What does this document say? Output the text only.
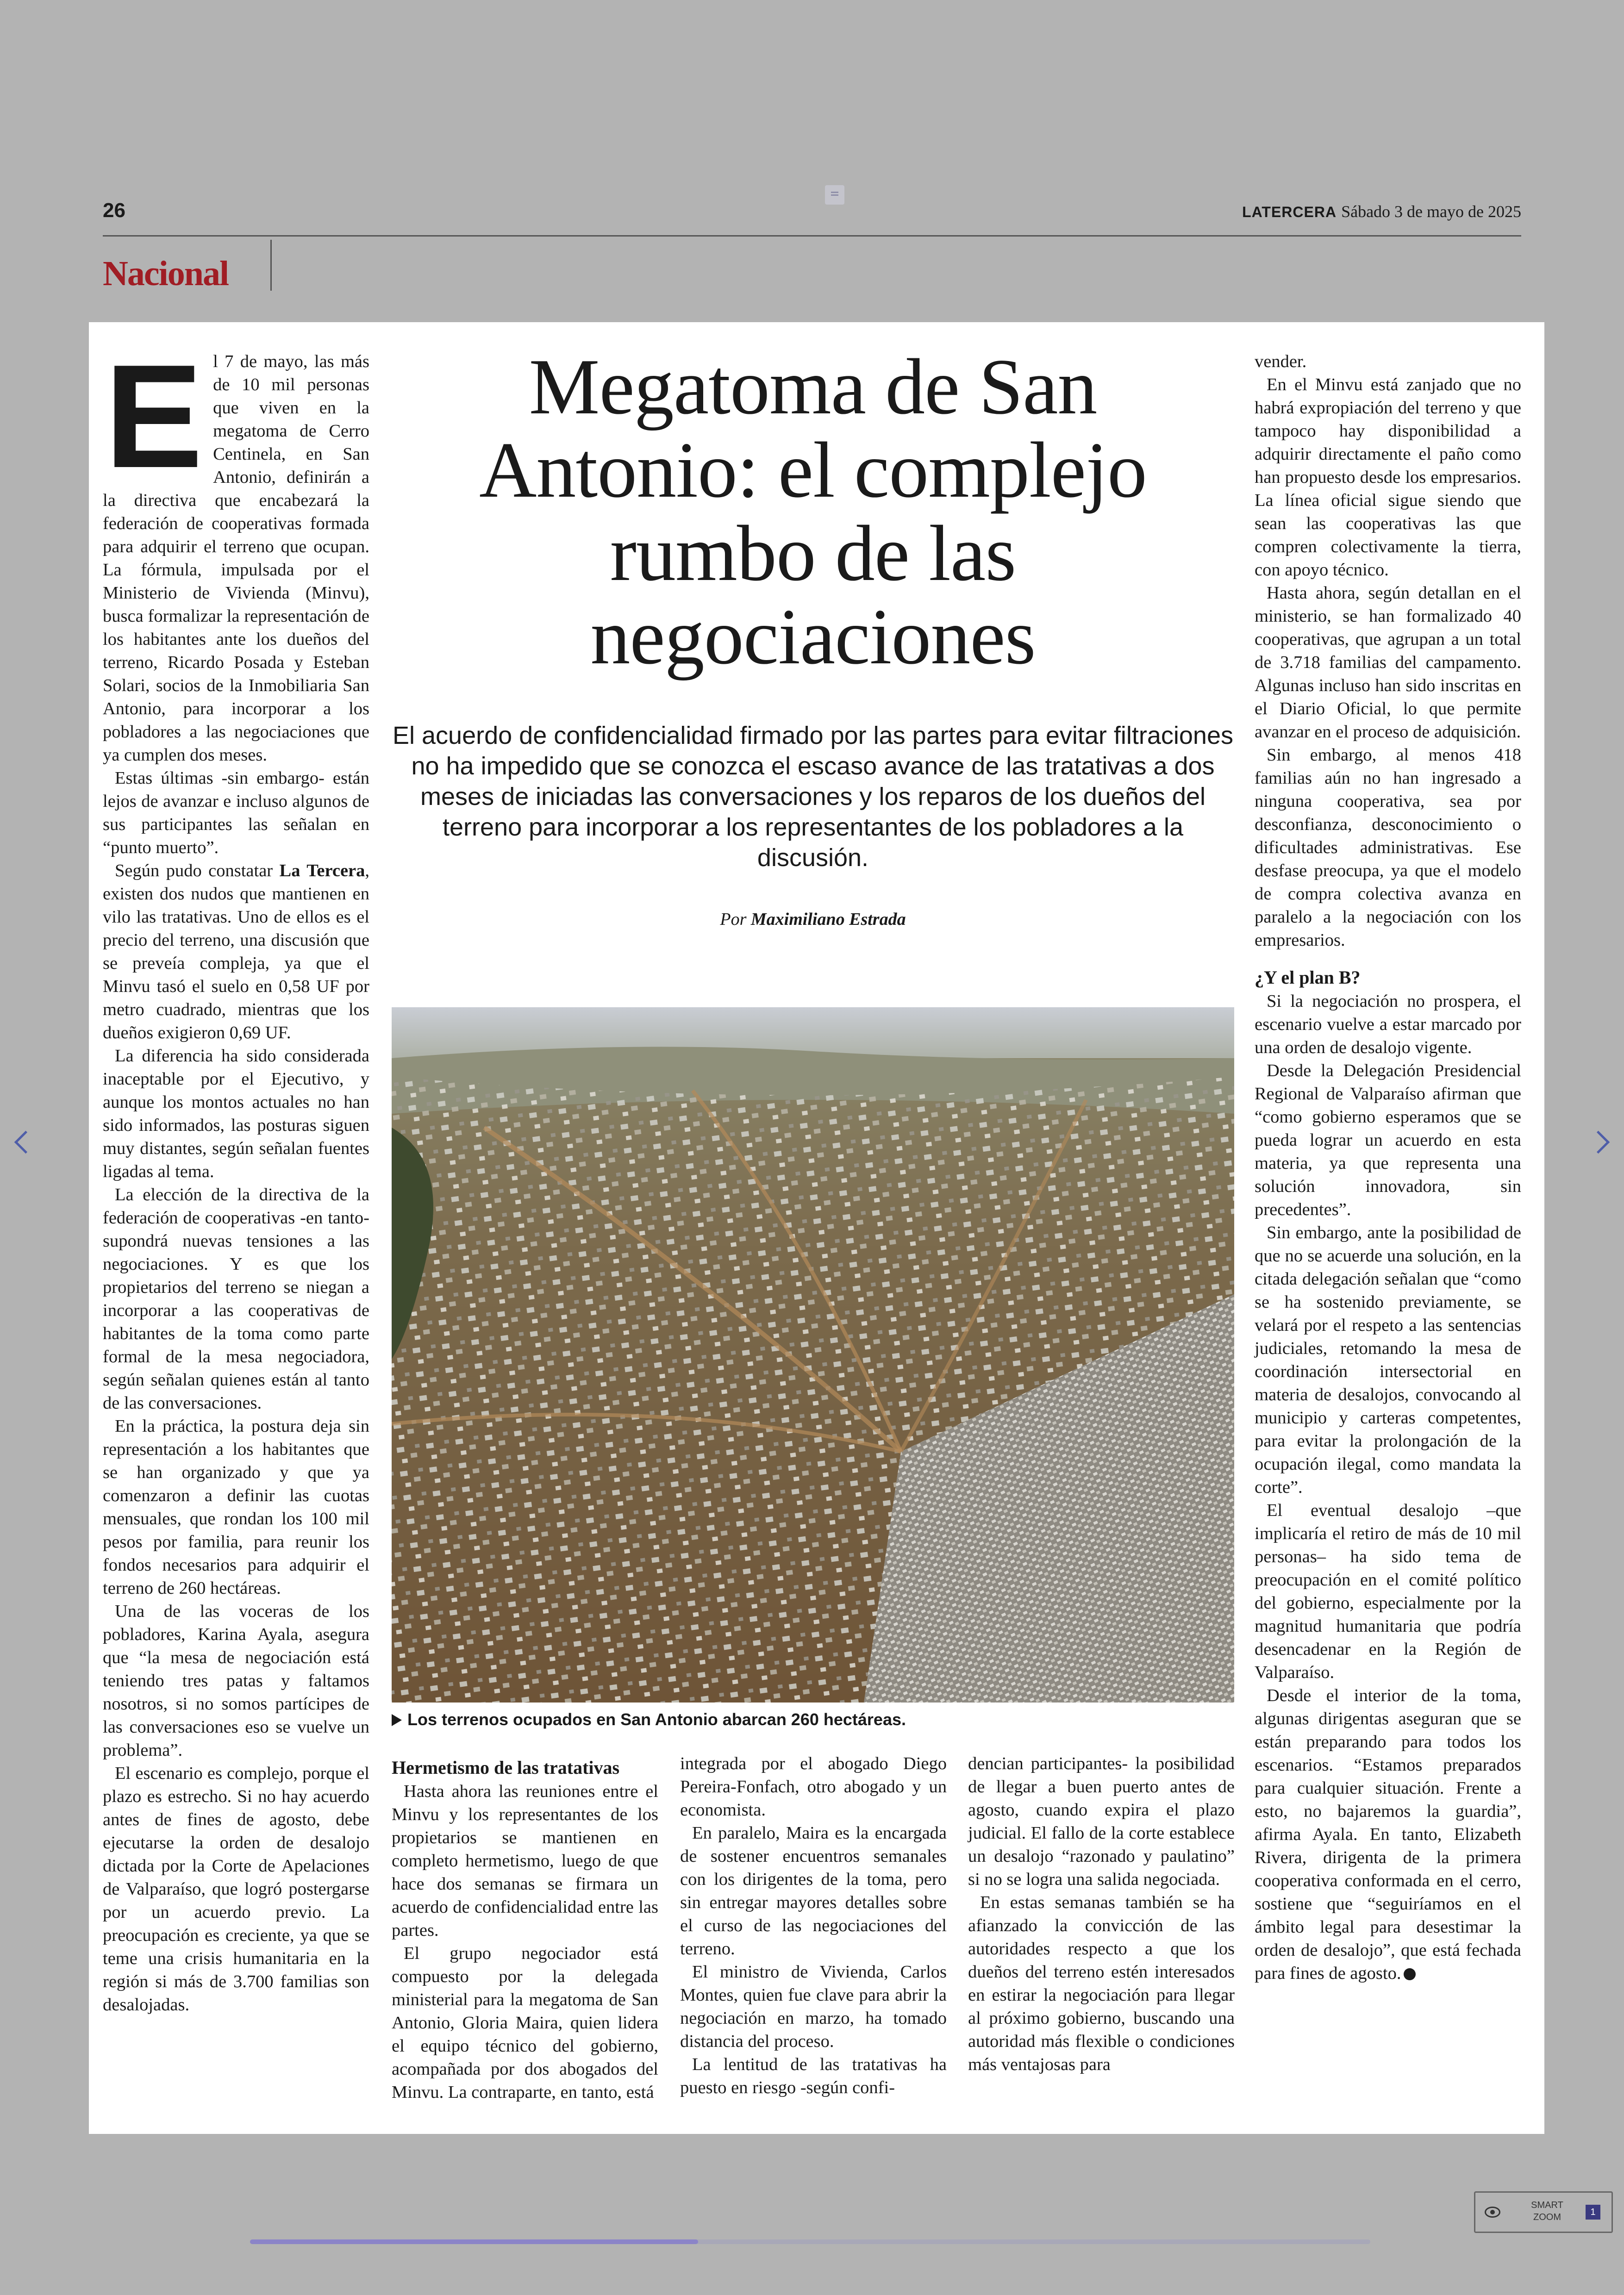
26	LATERCERA Sábado 3 de mayo de 2025
Nacional
E l 7 de mayo, las más de 10 mil personas que viven en la megatoma de Cerro Centinela, en San Antonio, definirán a la directiva que encabezará la federación de cooperativas formada para adquirir el terreno que ocupan. La fórmula, impulsada por el Ministerio de Vivienda (Minvu), busca formalizar la representación de los habitantes ante los dueños del terreno, Ricardo Posada y Esteban Solari, socios de la Inmobiliaria San Antonio, para incorporar a los pobladores a las negociaciones que ya cumplen dos meses.

Estas últimas -sin embargo- están lejos de avanzar e incluso algunos de sus participantes las señalan en “punto muerto”.

Según pudo constatar La Tercera, existen dos nudos que mantienen en vilo las tratativas. Uno de ellos es el precio del terreno, una discusión que se preveía compleja, ya que el Minvu tasó el suelo en 0,58 UF por metro cuadrado, mientras que los dueños exigieron 0,69 UF.

La diferencia ha sido considerada inaceptable por el Ejecutivo, y aunque los montos actuales no han sido informados, las posturas siguen muy distantes, según señalan fuentes ligadas al tema.

La elección de la directiva de la federación de cooperativas -en tanto- supondrá nuevas tensiones a las negociaciones. Y es que los propietarios del terreno se niegan a incorporar a las cooperativas de habitantes de la toma como parte formal de la mesa negociadora, según señalan quienes están al tanto de las conversaciones.

En la práctica, la postura deja sin representación a los habitantes que se han organizado y que ya comenzaron a definir las cuotas mensuales, que rondan los 100 mil pesos por familia, para reunir los fondos necesarios para adquirir el terreno de 260 hectáreas.

Una de las voceras de los pobladores, Karina Ayala, asegura que “la mesa de negociación está teniendo tres patas y faltamos nosotros, si no somos partícipes de las conversaciones eso se vuelve un problema”.

El escenario es complejo, porque el plazo es estrecho. Si no hay acuerdo antes de fines de agosto, debe ejecutarse la orden de desalojo dictada por la Corte de Apelaciones de Valparaíso, que logró postergarse por un acuerdo previo. La preocupación es creciente, ya que se teme una crisis humanitaria en la región si más de 3.700 familias son desalojadas.

Megatoma de San Antonio: el complejo rumbo de las negociaciones
El acuerdo de confidencialidad firmado por las partes para evitar filtraciones no ha impedido que se conozca el escaso avance de las tratativas a dos meses de iniciadas las conversaciones y los reparos de los dueños del terreno para incorporar a los representantes de los pobladores a la discusión.
Por Maximiliano Estrada
Los terrenos ocupados en San Antonio abarcan 260 hectáreas.
Hermetismo de las tratativas

Hasta ahora las reuniones entre el Minvu y los representantes de los propietarios se mantienen en completo hermetismo, luego de que hace dos semanas se firmara un acuerdo de confidencialidad entre las partes.

El grupo negociador está compuesto por la delegada ministerial para la megatoma de San Antonio, Gloria Maira, quien lidera el equipo técnico del gobierno, acompañada por dos abogados del Minvu. La contraparte, en tanto, está

integrada por el abogado Diego Pereira-Fonfach, otro abogado y un economista.

En paralelo, Maira es la encargada de sostener encuentros semanales con los dirigentes de la toma, pero sin entregar mayores detalles sobre el curso de las negociaciones del terreno.

El ministro de Vivienda, Carlos Montes, quien fue clave para abrir la negociación en marzo, ha tomado distancia del proceso.

La lentitud de las tratativas ha puesto en riesgo -según confi-

dencian participantes- la posibilidad de llegar a buen puerto antes de agosto, cuando expira el plazo judicial. El fallo de la corte establece un desalojo “razonado y paulatino” si no se logra una salida negociada.

En estas semanas también se ha afianzado la convicción de las autoridades respecto a que los dueños del terreno estén interesados en estirar la negociación para llegar al próximo gobierno, buscando una autoridad más flexible o condiciones más ventajosas para

vender.

En el Minvu está zanjado que no habrá expropiación del terreno y que tampoco hay disponibilidad a adquirir directamente el paño como han propuesto desde los empresarios. La línea oficial sigue siendo que sean las cooperativas las que compren colectivamente la tierra, con apoyo técnico.

Hasta ahora, según detallan en el ministerio, se han formalizado 40 cooperativas, que agrupan a un total de 3.718 familias del campamento. Algunas incluso han sido inscritas en el Diario Oficial, lo que permite avanzar en el proceso de adquisición.

Sin embargo, al menos 418 familias aún no han ingresado a ninguna cooperativa, sea por desconfianza, desconocimiento o dificultades administrativas. Ese desfase preocupa, ya que el modelo de compra colectiva avanza en paralelo a la negociación con los empresarios.

¿Y el plan B?

Si la negociación no prospera, el escenario vuelve a estar marcado por una orden de desalojo vigente.

Desde la Delegación Presidencial Regional de Valparaíso afirman que “como gobierno esperamos que se pueda lograr un acuerdo en esta materia, ya que representa una solución innovadora, sin precedentes”.

Sin embargo, ante la posibilidad de que no se acuerde una solución, en la citada delegación señalan que “como se ha sostenido previamente, se velará por el respeto a las sentencias judiciales, retomando la mesa de coordinación intersectorial en materia de desalojos, convocando al municipio y carteras competentes, para evitar la prolongación de la ocupación ilegal, como mandata la corte”.

El eventual desalojo –que implicaría el retiro de más de 10 mil personas– ha sido tema de preocupación en el comité político del gobierno, especialmente por la magnitud humanitaria que podría desencadenar en la Región de Valparaíso.

Desde el interior de la toma, algunas dirigentas aseguran que se están preparando para todos los escenarios. “Estamos preparados para cualquier situación. Frente a esto, no bajaremos la guardia”, afirma Ayala. En tanto, Elizabeth Rivera, dirigenta de la primera cooperativa conformada en el cerro, sostiene que “seguiríamos en el ámbito legal para desestimar la orden de desalojo”, que está fechada para fines de agosto.

SMART
ZOOM	1
